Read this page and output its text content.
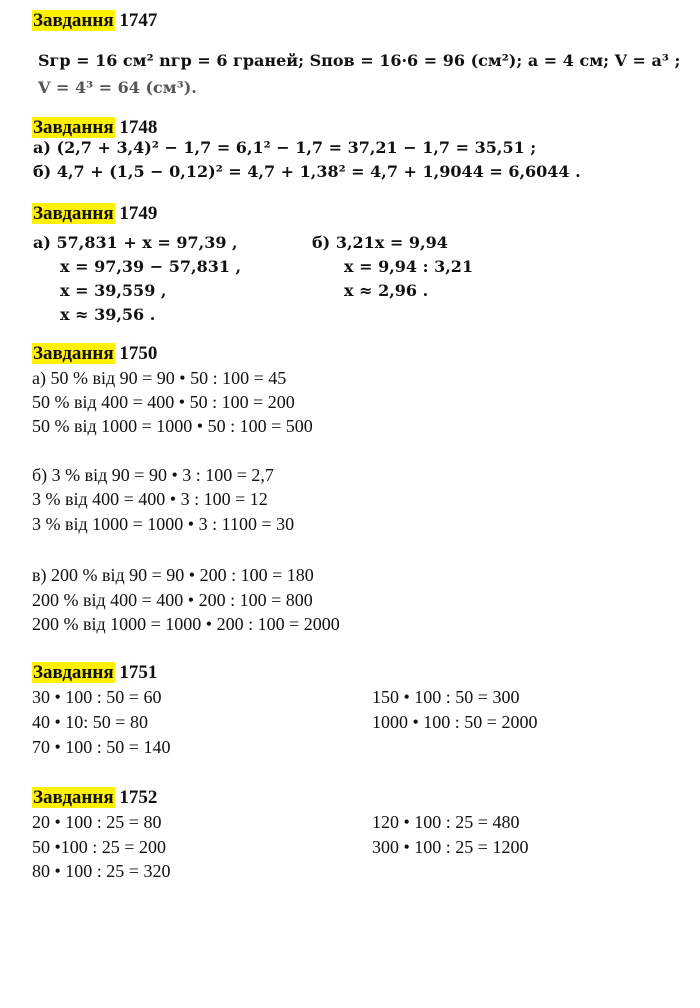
Завдання 1747
Sгр = 16 см² nгр = 6 граней; Sпов = 16·6 = 96 (см²); a = 4 см; V = a³ ;
V = 4³ = 64 (см³).
Завдання 1748
а) (2,7 + 3,4)² − 1,7 = 6,1² − 1,7 = 37,21 − 1,7 = 35,51 ;
б) 4,7 + (1,5 − 0,12)² = 4,7 + 1,38² = 4,7 + 1,9044 = 6,6044 .
Завдання 1749
а) 57,831 + x = 97,39 ,
x = 97,39 − 57,831 ,
x = 39,559 ,
x ≈ 39,56 .
б) 3,21x = 9,94
x = 9,94 : 3,21
x ≈ 2,96 .
Завдання 1750
а) 50 % від 90 = 90 • 50 : 100 = 45
50 % від 400 = 400 • 50 : 100 = 200
50 % від 1000 = 1000 • 50 : 100 = 500
б) 3 % від 90 = 90 • 3 : 100 = 2,7
3 % від 400 = 400 • 3 : 100 = 12
3 % від 1000 = 1000 • 3 : 1100 = 30
в) 200 % від 90 = 90 • 200 : 100 = 180
200 % від 400 = 400 • 200 : 100 = 800
200 % від 1000 = 1000 • 200 : 100 = 2000
Завдання 1751
30 • 100 : 50 = 60
40 • 10: 50 = 80
70 • 100 : 50 = 140
150 • 100 : 50 = 300
1000 • 100 : 50 = 2000
Завдання 1752
20 • 100 : 25 = 80
50 •100 : 25 = 200
80 • 100 : 25 = 320
120 • 100 : 25 = 480
300 • 100 : 25 = 1200
